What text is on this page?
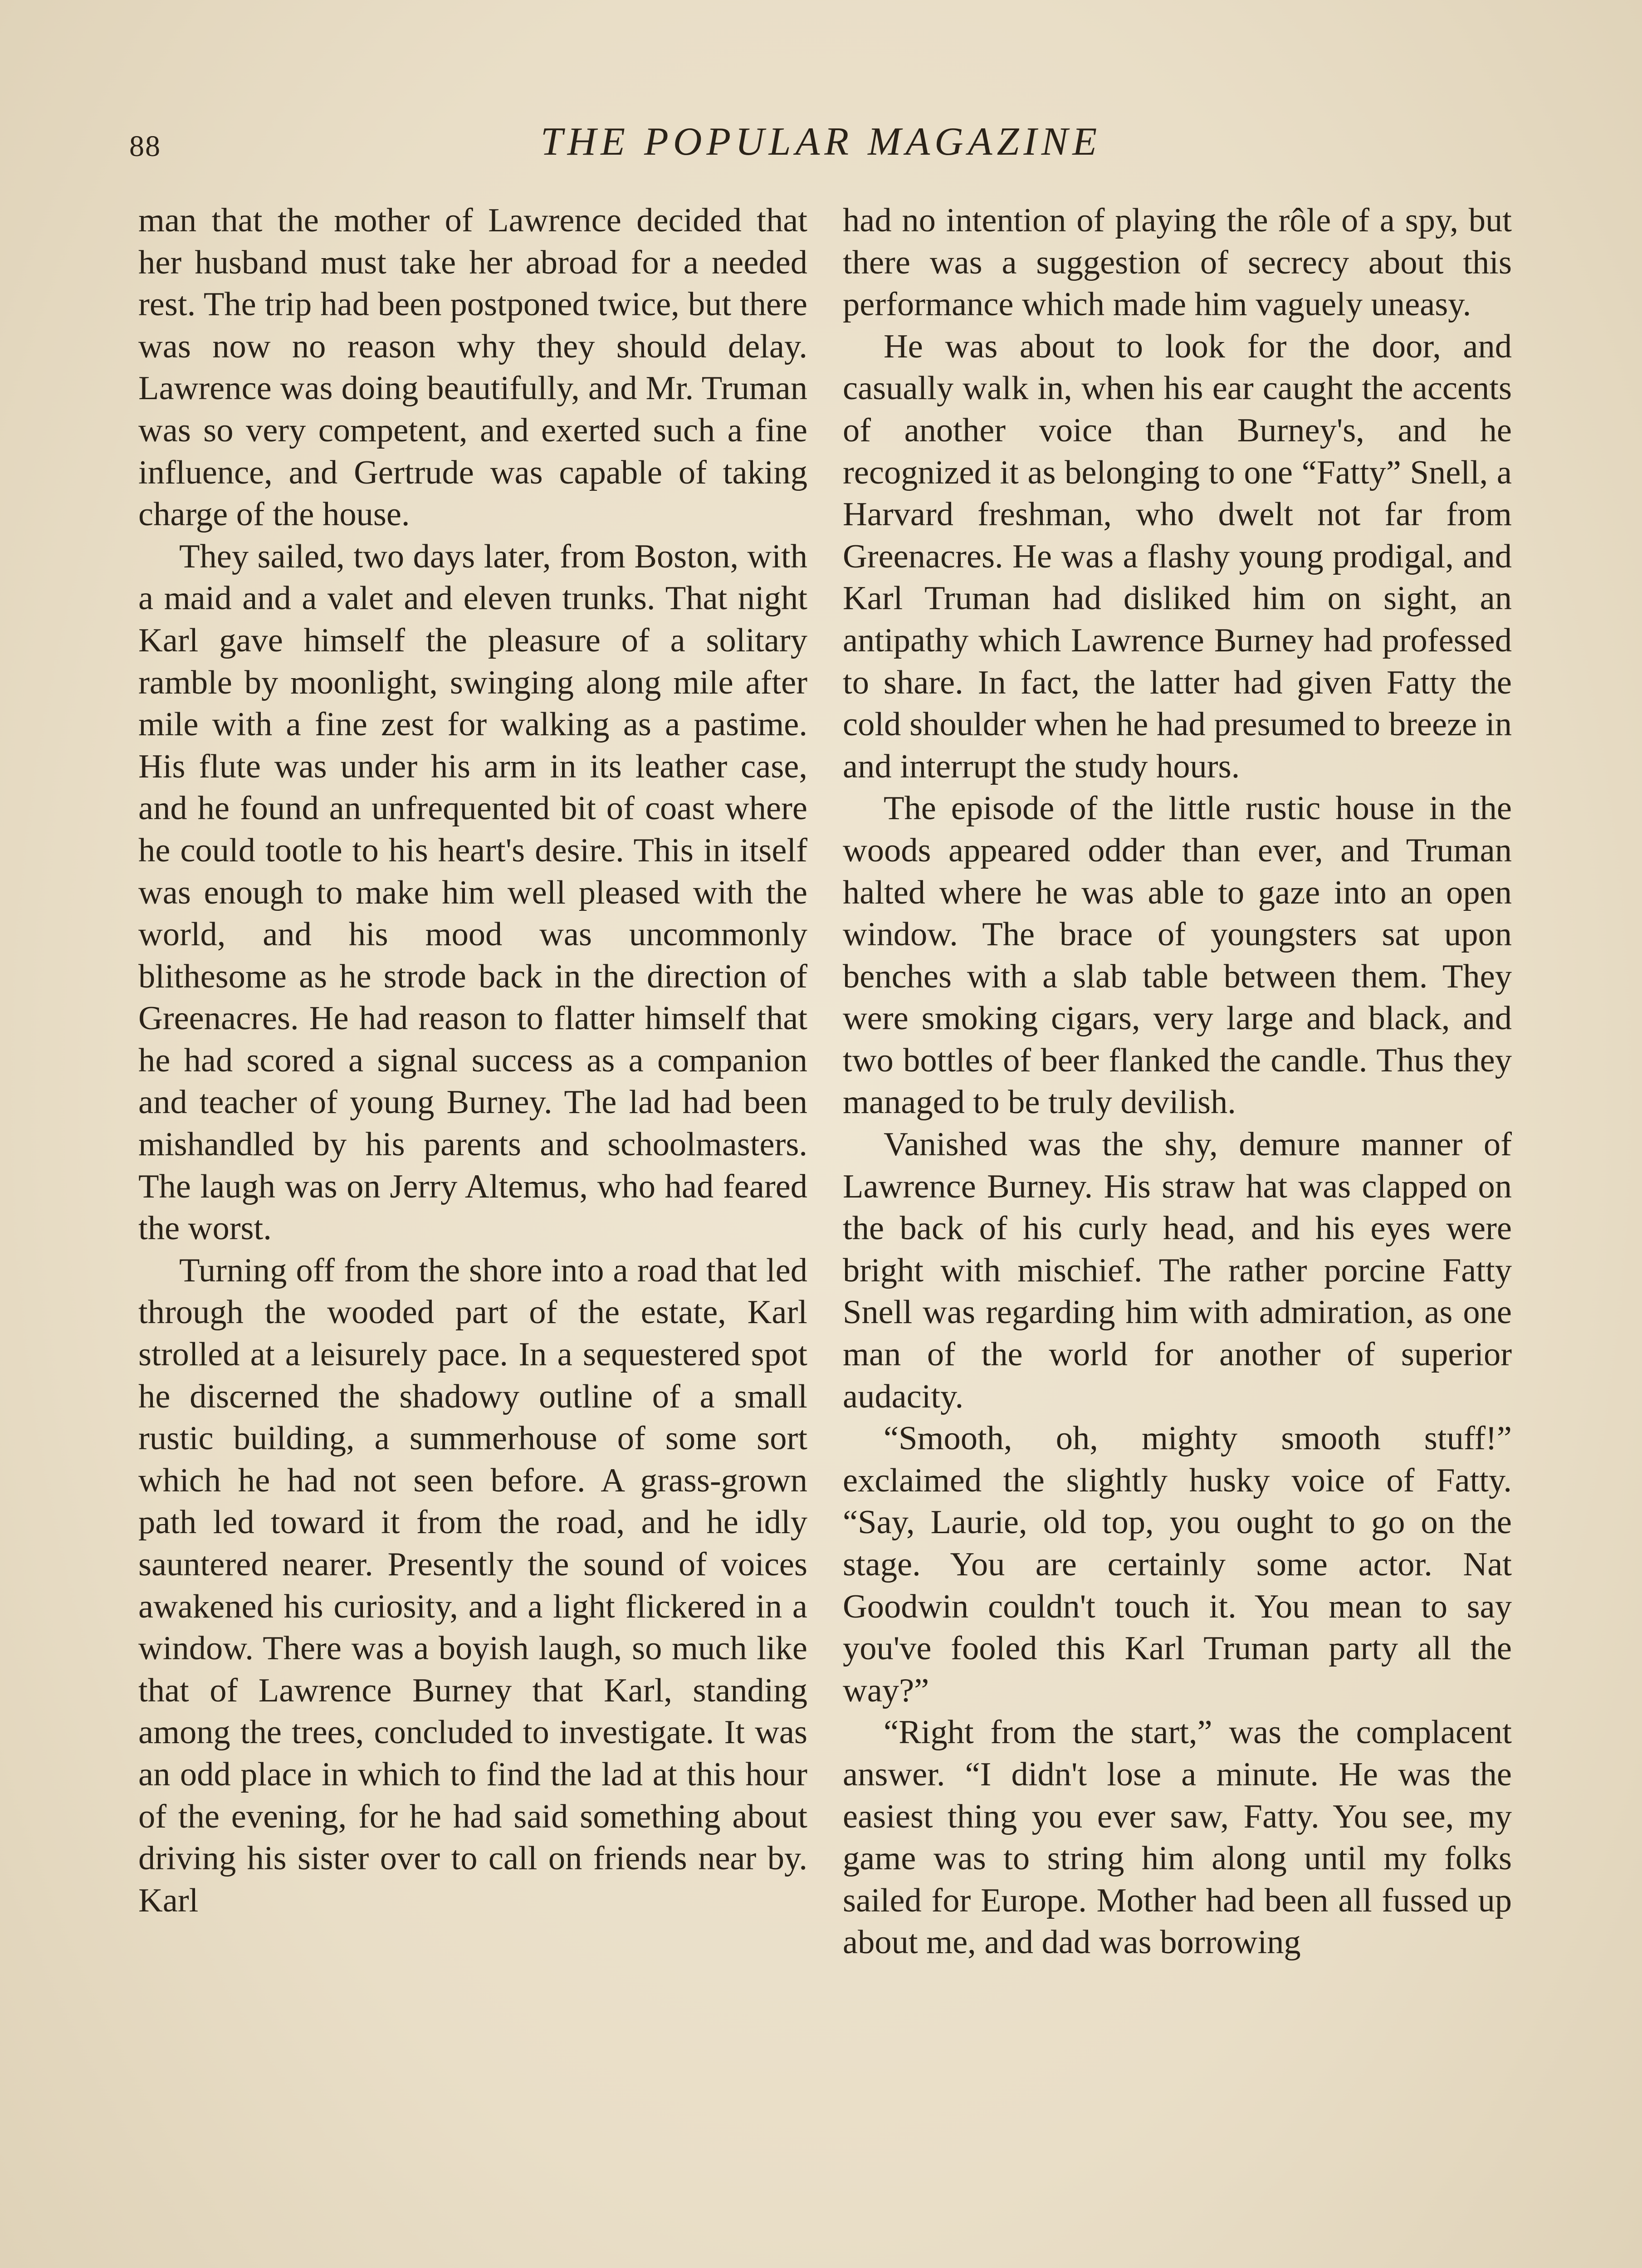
88	THE POPULAR MAGAZINE

man that the mother of Lawrence decided that her husband must take her abroad for a needed rest. The trip had been postponed twice, but there was now no reason why they should delay. Lawrence was doing beautifully, and Mr. Truman was so very competent, and exerted such a fine influence, and Gertrude was capable of taking charge of the house.

They sailed, two days later, from Boston, with a maid and a valet and eleven trunks. That night Karl gave himself the pleasure of a solitary ramble by moonlight, swinging along mile after mile with a fine zest for walking as a pastime. His flute was under his arm in its leather case, and he found an unfrequented bit of coast where he could tootle to his heart's desire. This in itself was enough to make him well pleased with the world, and his mood was uncommonly blithesome as he strode back in the direction of Greenacres. He had reason to flatter himself that he had scored a signal success as a companion and teacher of young Burney. The lad had been mishandled by his parents and schoolmasters. The laugh was on Jerry Altemus, who had feared the worst.

Turning off from the shore into a road that led through the wooded part of the estate, Karl strolled at a leisurely pace. In a sequestered spot he discerned the shadowy outline of a small rustic building, a summerhouse of some sort which he had not seen before. A grass-grown path led toward it from the road, and he idly sauntered nearer. Presently the sound of voices awakened his curiosity, and a light flickered in a window. There was a boyish laugh, so much like that of Lawrence Burney that Karl, standing among the trees, concluded to investigate. It was an odd place in which to find the lad at this hour of the evening, for he had said something about driving his sister over to call on friends near by. Karl

had no intention of playing the rôle of a spy, but there was a suggestion of secrecy about this performance which made him vaguely uneasy.

He was about to look for the door, and casually walk in, when his ear caught the accents of another voice than Burney's, and he recognized it as belonging to one “Fatty” Snell, a Harvard freshman, who dwelt not far from Greenacres. He was a flashy young prodigal, and Karl Truman had disliked him on sight, an antipathy which Lawrence Burney had professed to share. In fact, the latter had given Fatty the cold shoulder when he had presumed to breeze in and interrupt the study hours.

The episode of the little rustic house in the woods appeared odder than ever, and Truman halted where he was able to gaze into an open window. The brace of youngsters sat upon benches with a slab table between them. They were smoking cigars, very large and black, and two bottles of beer flanked the candle. Thus they managed to be truly devilish.

Vanished was the shy, demure manner of Lawrence Burney. His straw hat was clapped on the back of his curly head, and his eyes were bright with mischief. The rather porcine Fatty Snell was regarding him with admiration, as one man of the world for another of superior audacity.

“Smooth, oh, mighty smooth stuff!” exclaimed the slightly husky voice of Fatty. “Say, Laurie, old top, you ought to go on the stage. You are certainly some actor. Nat Goodwin couldn't touch it. You mean to say you've fooled this Karl Truman party all the way?”

“Right from the start,” was the complacent answer. “I didn't lose a minute. He was the easiest thing you ever saw, Fatty. You see, my game was to string him along until my folks sailed for Europe. Mother had been all fussed up about me, and dad was borrowing
